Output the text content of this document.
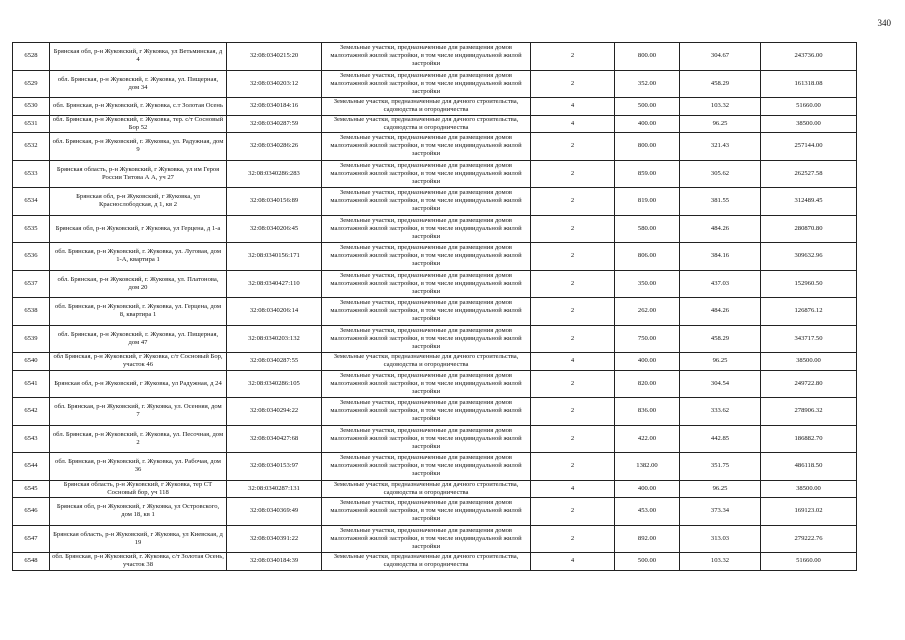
340
6528	Брянская обл, р-н Жуковский, г Жуковка, ул Ветьминская, д 4	32:08:0340215:20	Земельные участки, предназначенные для размещения домов малоэтажной жилой застройки, в том числе индивидуальной жилой застройки	2	800.00	304.67	243736.00
6529	обл. Брянская, р-н Жуковский, г. Жуковка, ул. Пищерная, дом 34	32:08:0340203:12	Земельные участки, предназначенные для размещения домов малоэтажной жилой застройки, в том числе индивидуальной жилой застройки	2	352.00	458.29	161318.08
6530	обл. Брянская, р-н Жуковский, г. Жуковка, с.т Золотая Осень	32:08:0340184:16	Земельные участки, предназначенные для дачного строительства, садоводства и огородничества	4	500.00	103.32	51660.00
6531	обл. Брянская, р-н Жуковский, г. Жуковка, тер. с/т Сосновый Бор 52	32:08:0340287:59	Земельные участки, предназначенные для дачного строительства, садоводства и огородничества	4	400.00	96.25	38500.00
6532	обл. Брянская, р-н Жуковский, г. Жуковка, ул. Радужная, дом 9	32:08:0340286:26	Земельные участки, предназначенные для размещения домов малоэтажной жилой застройки, в том числе индивидуальной жилой застройки	2	800.00	321.43	257144.00
6533	Брянская область, р-н Жуковский, г Жуковка, ул им Героя России Титова А А, уч 27	32:08:0340286:283	Земельные участки, предназначенные для размещения домов малоэтажной жилой застройки, в том числе индивидуальной жилой застройки	2	859.00	305.62	262527.58
6534	Брянская обл, р-н Жуковский, г Жуковка, ул Краснослободская, д 1, кв 2	32:08:0340156:89	Земельные участки, предназначенные для размещения домов малоэтажной жилой застройки, в том числе индивидуальной жилой застройки	2	819.00	381.55	312489.45
6535	Брянская обл, р-н Жуковский, г Жуковка, ул Герцена, д 1-а	32:08:0340206:45	Земельные участки, предназначенные для размещения домов малоэтажной жилой застройки, в том числе индивидуальной жилой застройки	2	580.00	484.26	280870.80
6536	обл. Брянская, р-н Жуковский, г. Жуковка, ул. Луговая, дом 1-А, квартира 1	32:08:0340156:171	Земельные участки, предназначенные для размещения домов малоэтажной жилой застройки, в том числе индивидуальной жилой застройки	2	806.00	384.16	309632.96
6537	обл. Брянская, р-н Жуковский, г. Жуковка, ул. Платонова, дом 20	32:08:0340427:110	Земельные участки, предназначенные для размещения домов малоэтажной жилой застройки, в том числе индивидуальной жилой застройки	2	350.00	437.03	152960.50
6538	обл. Брянская, р-н Жуковский, г. Жуковка, ул. Герцена, дом 8, квартира 1	32:08:0340206:14	Земельные участки, предназначенные для размещения домов малоэтажной жилой застройки, в том числе индивидуальной жилой застройки	2	262.00	484.26	126876.12
6539	обл. Брянская, р-н Жуковский, г. Жуковка, ул. Пищерная, дом 47	32:08:0340203:132	Земельные участки, предназначенные для размещения домов малоэтажной жилой застройки, в том числе индивидуальной жилой застройки	2	750.00	458.29	343717.50
6540	обл Брянская, р-н Жуковский, г Жуковка, с/т Сосновый Бор, участок 46	32:08:0340287:55	Земельные участки, предназначенные для дачного строительства, садоводства и огородничества	4	400.00	96.25	38500.00
6541	Брянская обл, р-н Жуковский, г Жуковка, ул Радужная, д 24	32:08:0340286:105	Земельные участки, предназначенные для размещения домов малоэтажной жилой застройки, в том числе индивидуальной жилой застройки	2	820.00	304.54	249722.80
6542	обл. Брянская, р-н Жуковский, г. Жуковка, ул. Осенняя, дом 7	32:08:0340294:22	Земельные участки, предназначенные для размещения домов малоэтажной жилой застройки, в том числе индивидуальной жилой застройки	2	836.00	333.62	278906.32
6543	обл. Брянская, р-н Жуковский, г. Жуковка, ул. Песочная, дом 2	32:08:0340427:68	Земельные участки, предназначенные для размещения домов малоэтажной жилой застройки, в том числе индивидуальной жилой застройки	2	422.00	442.85	186882.70
6544	обл. Брянская, р-н Жуковский, г. Жуковка, ул. Рабочая, дом 36	32:08:0340153:97	Земельные участки, предназначенные для размещения домов малоэтажной жилой застройки, в том числе индивидуальной жилой застройки	2	1382.00	351.75	486118.50
6545	Брянская область, р-н Жуковский, г Жуковка, тер СТ Сосновый бор, уч 118	32:08:0340287:131	Земельные участки, предназначенные для дачного строительства, садоводства и огородничества	4	400.00	96.25	38500.00
6546	Брянская обл, р-н Жуковский, г Жуковка, ул Островского, дом 18, кв 1	32:08:0340369:49	Земельные участки, предназначенные для размещения домов малоэтажной жилой застройки, в том числе индивидуальной жилой застройки	2	453.00	373.34	169123.02
6547	Брянская область, р-н Жуковский, г Жуковка, ул Киевская, д 19	32:08:0340391:22	Земельные участки, предназначенные для размещения домов малоэтажной жилой застройки, в том числе индивидуальной жилой застройки	2	892.00	313.03	279222.76
6548	обл. Брянская, р-н Жуковский, г. Жуковка, с/т Золотая Осень, участок 38	32:08:0340184:39	Земельные участки, предназначенные для дачного строительства, садоводства и огородничества	4	500.00	103.32	51660.00
